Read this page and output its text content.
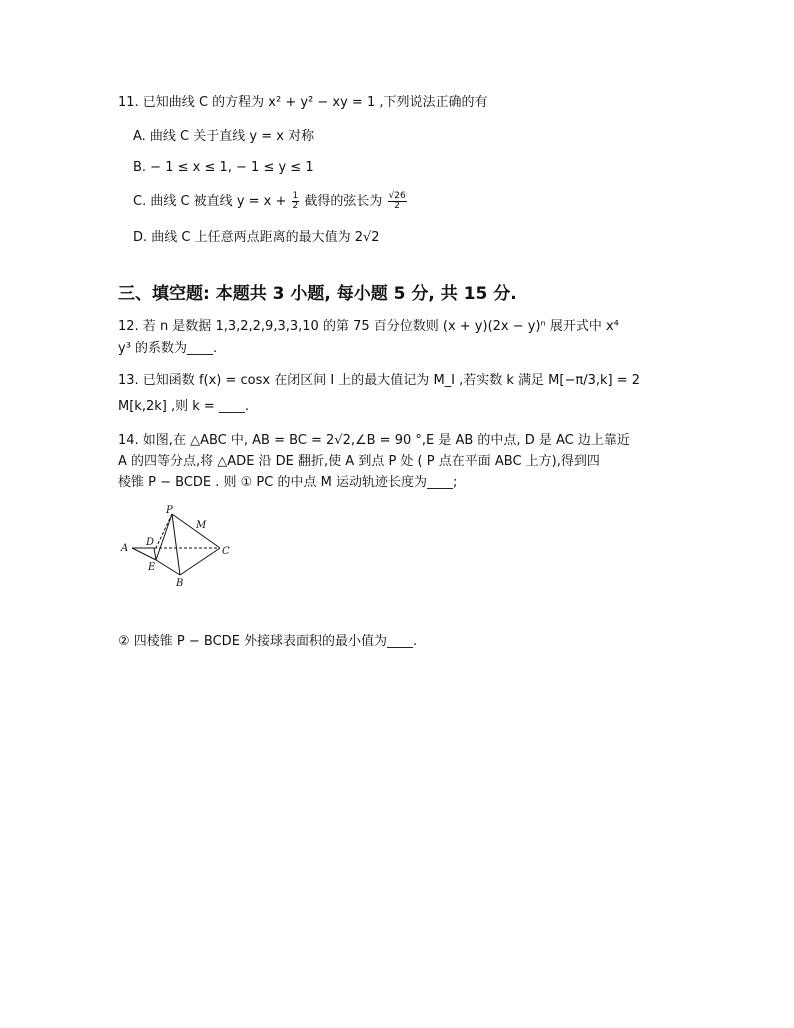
11. 已知曲线 C 的方程为 x² + y² − xy = 1 ,下列说法正确的有
A. 曲线 C 关于直线 y = x 对称
B. − 1 ≤ x ≤ 1, − 1 ≤ y ≤ 1
C. 曲线 C 被直线 $y = x + \frac{1}{2}$ 截得的弦长为 $\frac{√26}{2}$
D. 曲线 C 上任意两点距离的最大值为 2√2
三、填空题: 本题共 3 小题, 每小题 5 分, 共 15 分.
12. 若 n 是数据 1,3,2,2,9,3,3,10 的第 75 百分位数则 (x + y)(2x − y)ⁿ 展开式中 x⁴
y³ 的系数为____.
13. 已知函数 f(x) = cosx 在闭区间 I 上的最大值记为 M_I ,若实数 k 满足 M[−π/3,k] = 2
M[k,2k] ,则 k = ____.
14. 如图,在 △ABC 中, AB = BC = 2√2,∠B = 90 °,E 是 AB 的中点, D 是 AC 边上靠近
A 的四等分点,将 △ADE 沿 DE 翻折,使 A 到点 P 处 ( P 点在平面 ABC 上方),得到四
棱锥 P − BCDE . 则 ① PC 的中点 M 运动轨迹长度为____;
P
M
A
D
C
E
B
② 四棱锥 P − BCDE 外接球表面积的最小值为____.
